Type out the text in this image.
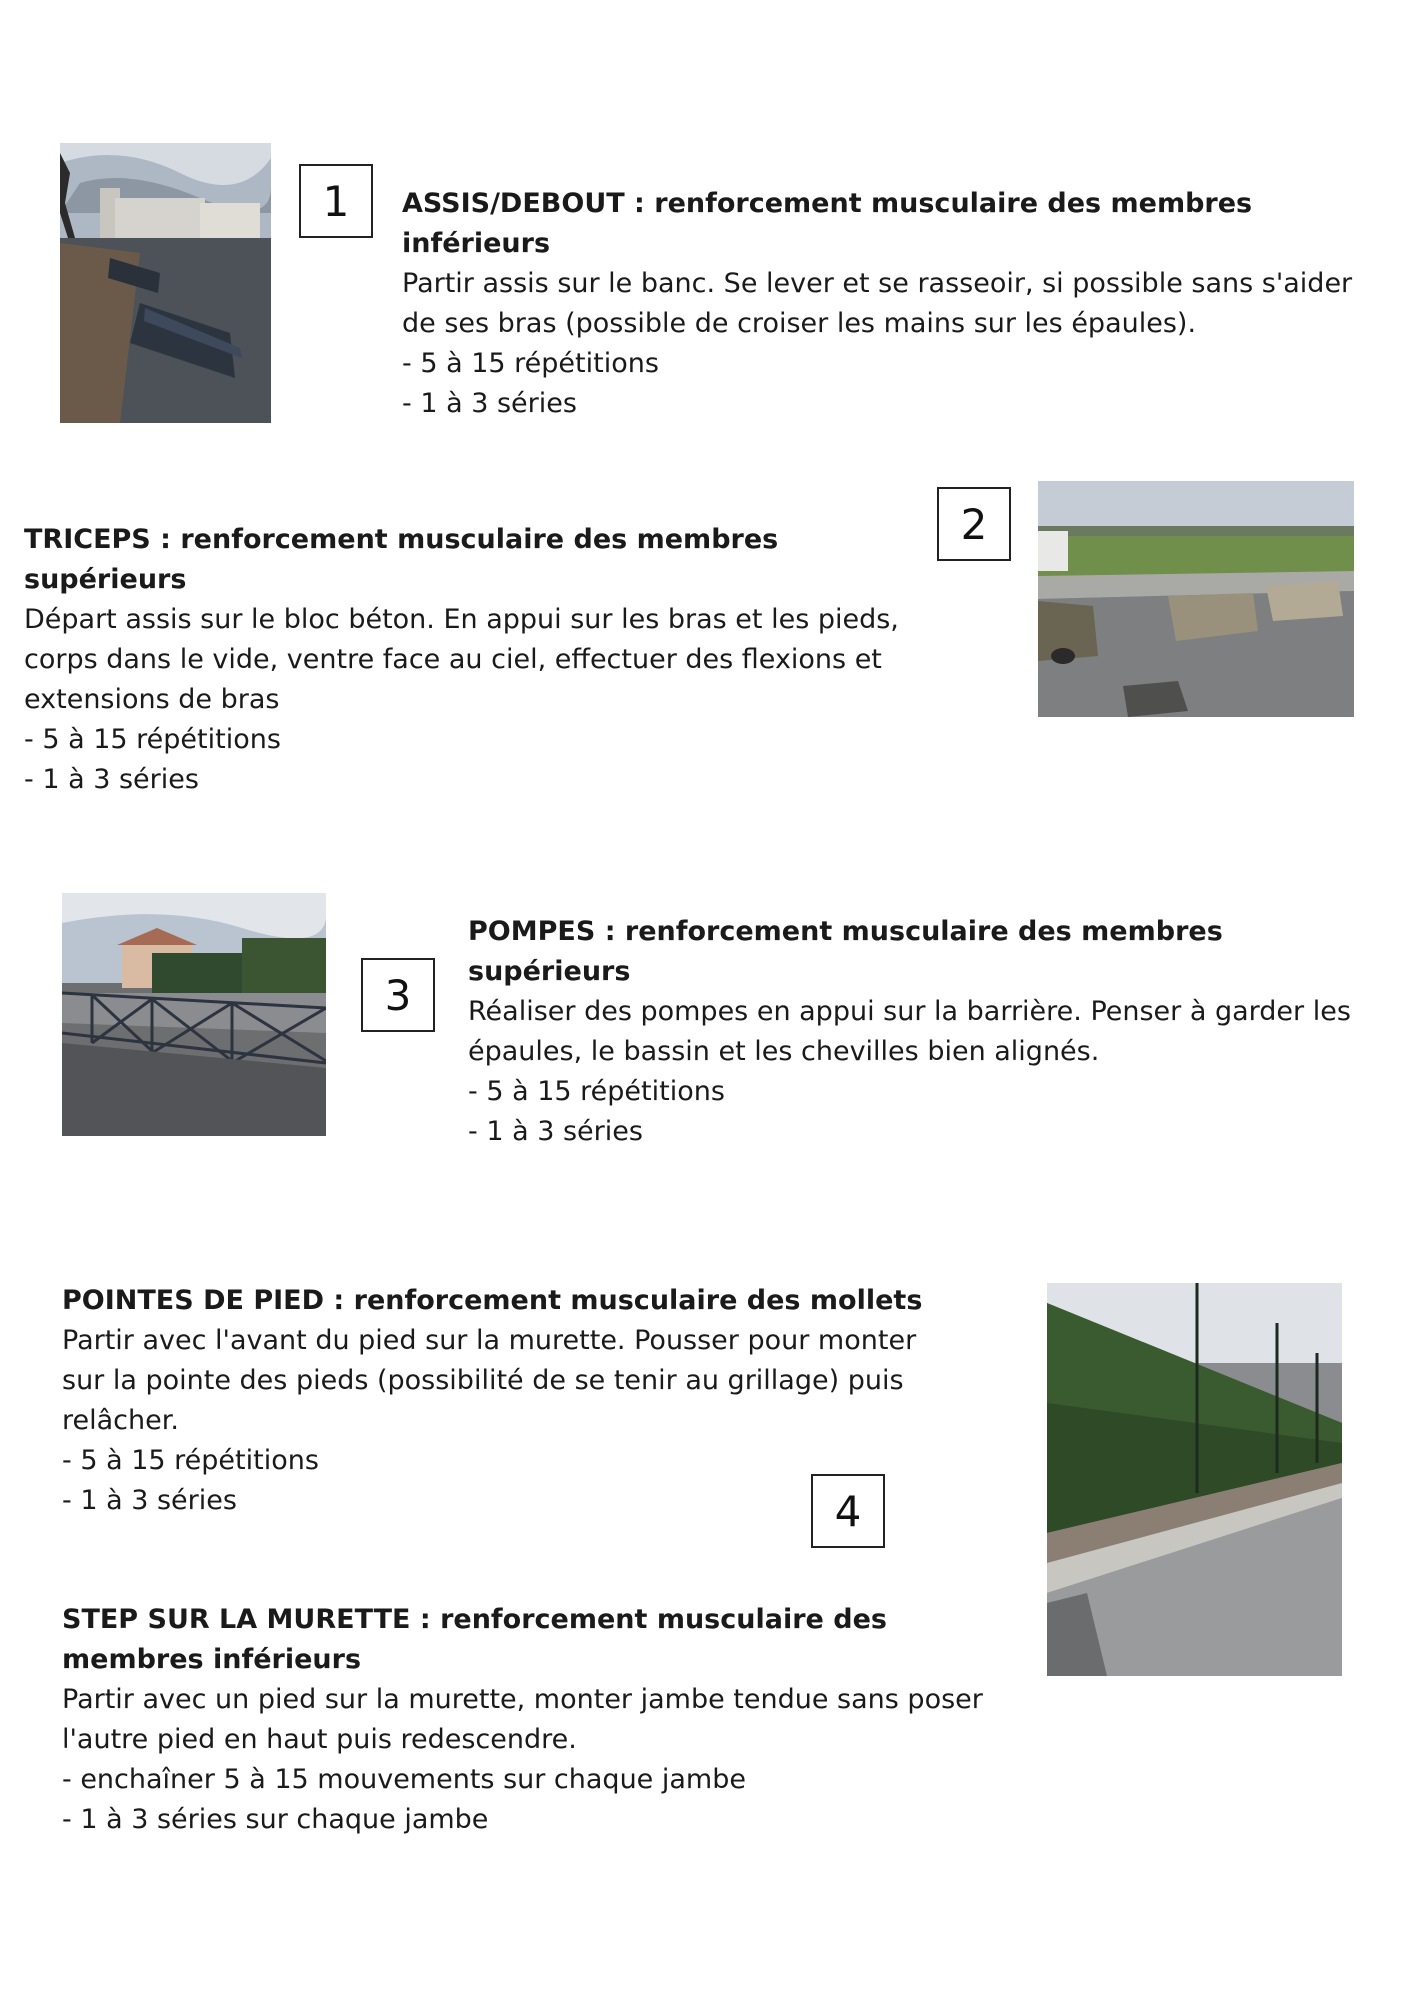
1 ASSIS/DEBOUT : renforcement musculaire des membres inférieurs

Partir assis sur le banc. Se lever et se rasseoir, si possible sans s'aider de ses bras (possible de croiser les mains sur les épaules).

- 5 à 15 répétitions

- 1 à 3 séries

TRICEPS : renforcement musculaire des membres supérieurs

Départ assis sur le bloc béton. En appui sur les bras et les pieds, corps dans le vide, ventre face au ciel, effectuer des flexions et extensions de bras

- 5 à 15 répétitions

- 1 à 3 séries

2
3

POMPES : renforcement musculaire des membres supérieurs

Réaliser des pompes en appui sur la barrière. Penser à garder les épaules, le bassin et les chevilles bien alignés.

- 5 à 15 répétitions

- 1 à 3 séries

POINTES DE PIED : renforcement musculaire des mollets

Partir avec l'avant du pied sur la murette. Pousser pour monter sur la pointe des pieds (possibilité de se tenir au grillage) puis relâcher.

- 5 à 15 répétitions

- 1 à 3 séries	4

STEP SUR LA MURETTE : renforcement musculaire des membres inférieurs

Partir avec un pied sur la murette, monter jambe tendue sans poser l'autre pied en haut puis redescendre.

- enchaîner 5 à 15 mouvements sur chaque jambe

- 1 à 3 séries sur chaque jambe
